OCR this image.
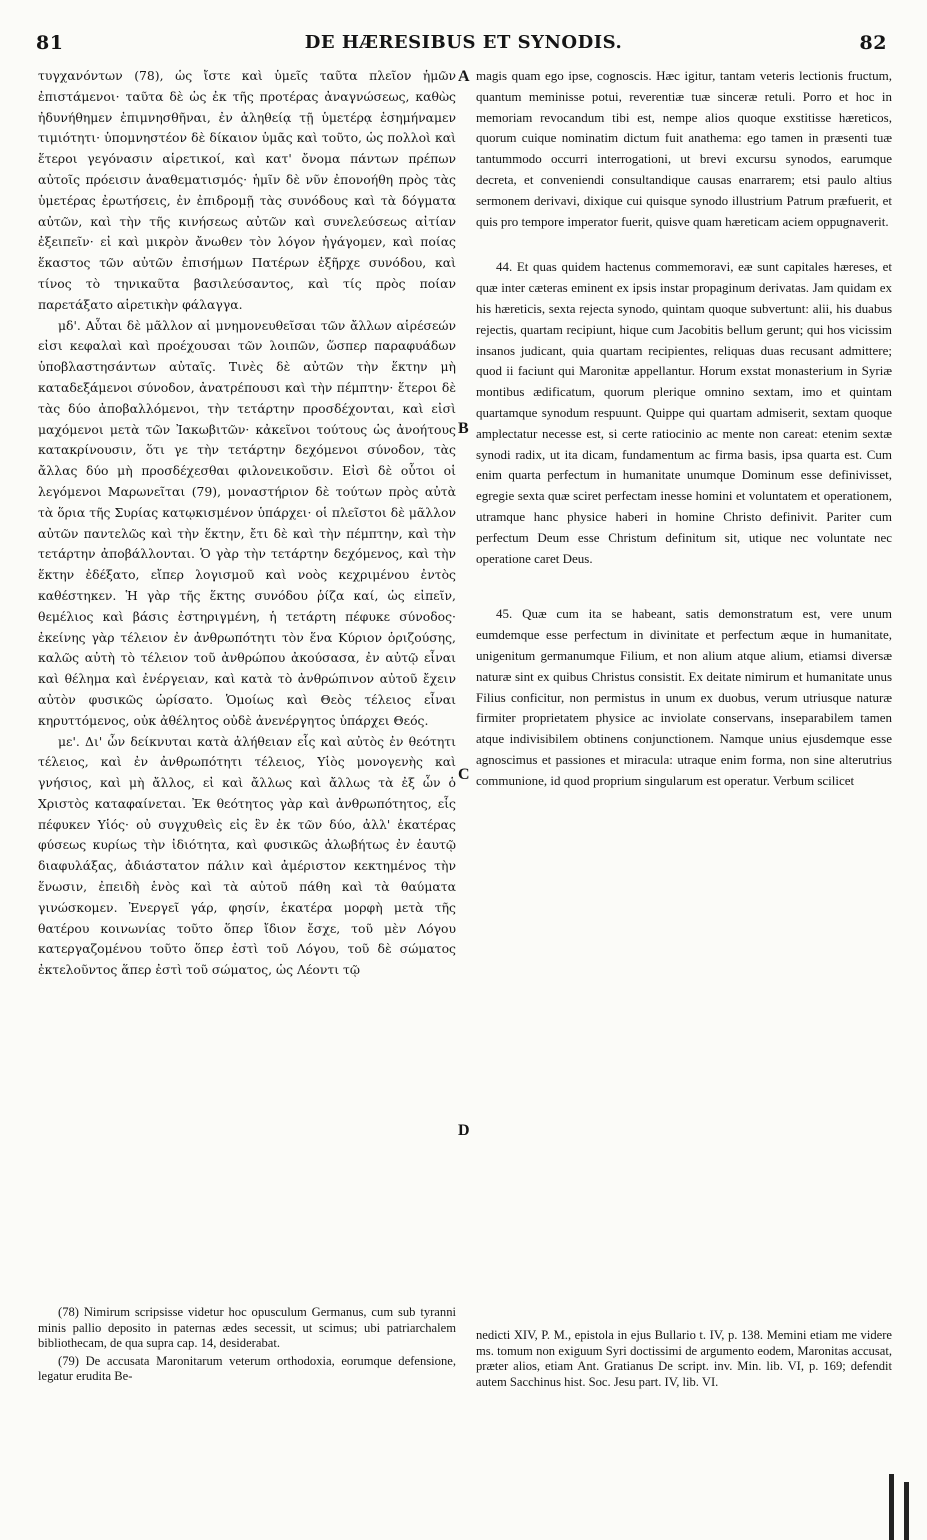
81	DE HÆRESIBUS ET SYNODIS.	82
A
B
C
D

τυγχανόντων (78), ὡς ἴστε καὶ ὑμεῖς ταῦτα πλεῖον ἡμῶν ἐπιστάμενοι· ταῦτα δὲ ὡς ἐκ τῆς προτέρας ἀναγνώσεως, καθὼς ἠδυνήθημεν ἐπιμνησθῆναι, ἐν ἀληθείᾳ τῇ ὑμετέρᾳ ἐσημήναμεν τιμιότητι· ὑπομνηστέον δὲ δίκαιον ὑμᾶς καὶ τοῦτο, ὡς πολλοὶ καὶ ἕτεροι γεγόνασιν αἱρετικοί, καὶ κατ' ὄνομα πάντων πρέπων αὐτοῖς πρόεισιν ἀναθεματισμός· ἡμῖν δὲ νῦν ἐπονοήθη πρὸς τὰς ὑμετέρας ἐρωτήσεις, ἐν ἐπιδρομῇ τὰς συνόδους καὶ τὰ δόγματα αὐτῶν, καὶ τὴν τῆς κινήσεως αὐτῶν καὶ συνελεύσεως αἰτίαν ἐξειπεῖν· εἰ καὶ μικρὸν ἄνωθεν τὸν λόγον ἠγάγομεν, καὶ ποίας ἕκαστος τῶν αὐτῶν ἐπισήμων Πατέρων ἐξῆρχε συνόδου, καὶ τίνος τὸ τηνικαῦτα βασιλεύσαντος, καὶ τίς πρὸς ποίαν παρετάξατο αἱρετικὴν φάλαγγα.

μδ'. Αὗται δὲ μᾶλλον αἱ μνημονευθεῖσαι τῶν ἄλλων αἱρέσεών εἰσι κεφαλαὶ καὶ προέχουσαι τῶν λοιπῶν, ὥσπερ παραφυάδων ὑποβλαστησάντων αὐταῖς. Τινὲς δὲ αὐτῶν τὴν ἕκτην μὴ καταδεξάμενοι σύνοδον, ἀνατρέπουσι καὶ τὴν πέμπτην· ἕτεροι δὲ τὰς δύο ἀποβαλλόμενοι, τὴν τετάρτην προσδέχονται, καὶ εἰσὶ μαχόμενοι μετὰ τῶν Ἰακωβιτῶν· κἀκεῖνοι τούτους ὡς ἀνοήτους κατακρίνουσιν, ὅτι γε τὴν τετάρτην δεχόμενοι σύνοδον, τὰς ἄλλας δύο μὴ προσδέχεσθαι φιλονεικοῦσιν. Εἰσὶ δὲ οὗτοι οἱ λεγόμενοι Μαρωνεῖται (79), μοναστήριον δὲ τούτων πρὸς αὐτὰ τὰ ὅρια τῆς Συρίας κατῳκισμένον ὑπάρχει· οἱ πλεῖστοι δὲ μᾶλλον αὐτῶν παντελῶς καὶ τὴν ἕκτην, ἔτι δὲ καὶ τὴν πέμπτην, καὶ τὴν τετάρτην ἀποβάλλονται. Ὁ γὰρ τὴν τετάρτην δεχόμενος, καὶ τὴν ἕκτην ἐδέξατο, εἴπερ λογισμοῦ καὶ νοὸς κεχριμένου ἐντὸς καθέστηκεν. Ἡ γὰρ τῆς ἕκτης συνόδου ῥίζα καί, ὡς εἰπεῖν, θεμέλιος καὶ βάσις ἐστηριγμένη, ἡ τετάρτη πέφυκε σύνοδος· ἐκείνης γὰρ τέλειον ἐν ἀνθρωπότητι τὸν ἕνα Κύριον ὁριζούσης, καλῶς αὐτὴ τὸ τέλειον τοῦ ἀνθρώπου ἀκούσασα, ἐν αὐτῷ εἶναι καὶ θέλημα καὶ ἐνέργειαν, καὶ κατὰ τὸ ἀνθρώπινον αὐτοῦ ἔχειν αὐτὸν φυσικῶς ὡρίσατο. Ὁμοίως καὶ Θεὸς τέλειος εἶναι κηρυττόμενος, οὐκ ἀθέλητος οὐδὲ ἀνενέργητος ὑπάρχει Θεός.

με'. Δι' ὧν δείκνυται κατὰ ἀλήθειαν εἷς καὶ αὐτὸς ἐν θεότητι τέλειος, καὶ ἐν ἀνθρωπότητι τέλειος, Υἱὸς μονογενὴς καὶ γνήσιος, καὶ μὴ ἄλλος, εἰ καὶ ἄλλως καὶ ἄλλως τὰ ἐξ ὧν ὁ Χριστὸς καταφαίνεται. Ἐκ θεότητος γὰρ καὶ ἀνθρωπότητος, εἷς πέφυκεν Υἱός· οὐ συγχυθεὶς εἰς ἓν ἐκ τῶν δύο, ἀλλ' ἑκατέρας φύσεως κυρίως τὴν ἰδιότητα, καὶ φυσικῶς ἀλωβήτως ἐν ἑαυτῷ διαφυλάξας, ἀδιάστατον πάλιν καὶ ἀμέριστον κεκτημένος τὴν ἕνωσιν, ἐπειδὴ ἑνὸς καὶ τὰ αὐτοῦ πάθη καὶ τὰ θαύματα γινώσκομεν. Ἐνεργεῖ γάρ, φησίν, ἑκατέρα μορφὴ μετὰ τῆς θατέρου κοινωνίας τοῦτο ὅπερ ἴδιον ἔσχε, τοῦ μὲν Λόγου κατεργαζομένου τοῦτο ὅπερ ἐστὶ τοῦ Λόγου, τοῦ δὲ σώματος ἐκτελοῦντος ἅπερ ἐστὶ τοῦ σώματος, ὡς Λέοντι τῷ

magis quam ego ipse, cognoscis. Hæc igitur, tantam veteris lectionis fructum, quantum meminisse potui, reverentiæ tuæ sinceræ retuli. Porro et hoc in memoriam revocandum tibi est, nempe alios quoque exstitisse hæreticos, quorum cuique nominatim dictum fuit anathema: ego tamen in præsenti tuæ tantummodo occurri interrogationi, ut brevi excursu synodos, earumque decreta, et conveniendi consultandique causas enarrarem; etsi paulo altius sermonem derivavi, dixique cui quisque synodo illustrium Patrum præfuerit, et quis pro tempore imperator fuerit, quisve quam hæreticam aciem oppugnaverit.

44. Et quas quidem hactenus commemoravi, eæ sunt capitales hæreses, et quæ inter cæteras eminent ex ipsis instar propaginum derivatas. Jam quidam ex his hæreticis, sexta rejecta synodo, quintam quoque subvertunt: alii, his duabus rejectis, quartam recipiunt, hique cum Jacobitis bellum gerunt; qui hos vicissim insanos judicant, quia quartam recipientes, reliquas duas recusant admittere; quod ii faciunt qui Maronitæ appellantur. Horum exstat monasterium in Syriæ montibus ædificatum, quorum plerique omnino sextam, imo et quintam quartamque synodum respuunt. Quippe qui quartam admiserit, sextam quoque amplectatur necesse est, si certe ratiocinio ac mente non careat: etenim sextæ synodi radix, ut ita dicam, fundamentum ac firma basis, ipsa quarta est. Cum enim quarta perfectum in humanitate unumque Dominum esse definivisset, egregie sexta quæ sciret perfectam inesse homini et voluntatem et operationem, utramque hanc physice haberi in homine Christo definivit. Pariter cum perfectum Deum esse Christum definitum sit, utique nec voluntate nec operatione caret Deus.

45. Quæ cum ita se habeant, satis demonstratum est, vere unum eumdemque esse perfectum in divinitate et perfectum æque in humanitate, unigenitum germanumque Filium, et non alium atque alium, etiamsi diversæ naturæ sint ex quibus Christus consistit. Ex deitate nimirum et humanitate unus Filius conficitur, non permistus in unum ex duobus, verum utriusque naturæ firmiter proprietatem physice ac inviolate conservans, inseparabilem tamen atque indivisibilem obtinens conjunctionem. Namque unius ejusdemque esse agnoscimus et passiones et miracula: utraque enim forma, non sine alterutrius communione, id quod proprium singularum est operatur. Verbum scilicet

(78) Nimirum scripsisse videtur hoc opusculum Germanus, cum sub tyranni minis pallio deposito in paternas ædes secessit, ut scimus; ubi patriarchalem bibliothecam, de qua supra cap. 14, desiderabat.

(79) De accusata Maronitarum veterum orthodoxia, eorumque defensione, legatur erudita Be-

nedicti XIV, P. M., epistola in ejus Bullario t. IV, p. 138. Memini etiam me videre ms. tomum non exiguum Syri doctissimi de argumento eodem, Maronitas accusat, præter alios, etiam Ant. Gratianus De script. inv. Min. lib. VI, p. 169; defendit autem Sacchinus hist. Soc. Jesu part. IV, lib. VI.
